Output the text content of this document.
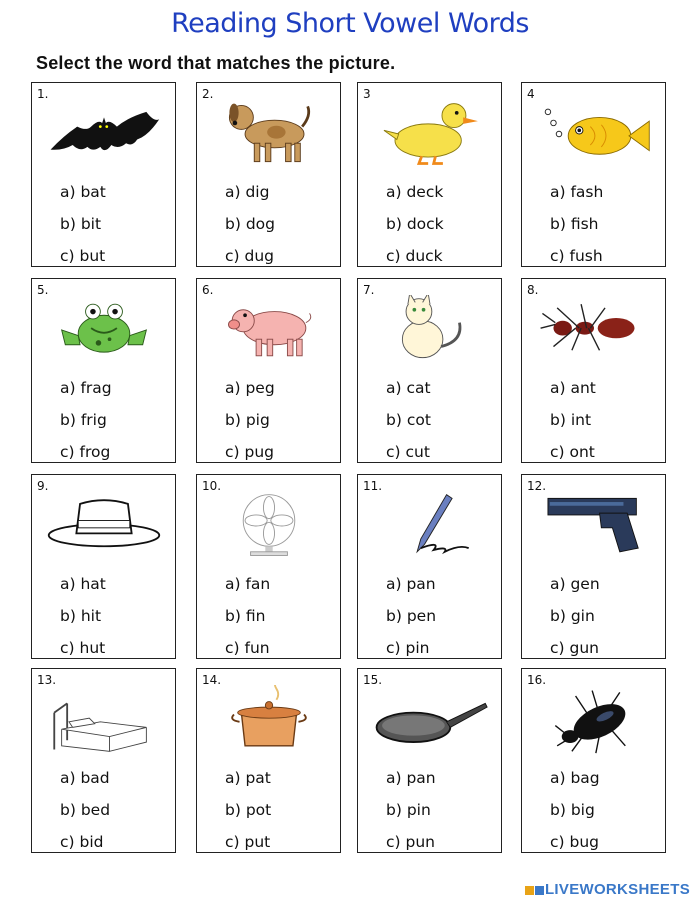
Reading Short Vowel Words
Select the word that matches the picture.
1.
a) bat
b) bit
c) but
2.
a) dig
b) dog
c) dug
3
a) deck
b) dock
c) duck
4
a) fash
b) fish
c) fush
5.
a) frag
b) frig
c) frog
6.
a) peg
b) pig
c) pug
7.
a) cat
b) cot
c) cut
8.
a) ant
b) int
c) ont
9.
a) hat
b) hit
c) hut
10.
a) fan
b) fin
c) fun
11.
a) pan
b) pen
c) pin
12.
a) gen
b) gin
c) gun
13.
a) bad
b) bed
c) bid
14.
a) pat
b) pot
c) put
15.
a) pan
b) pin
c) pun
16.
a) bag
b) big
c) bug
LIVEWORKSHEETS
